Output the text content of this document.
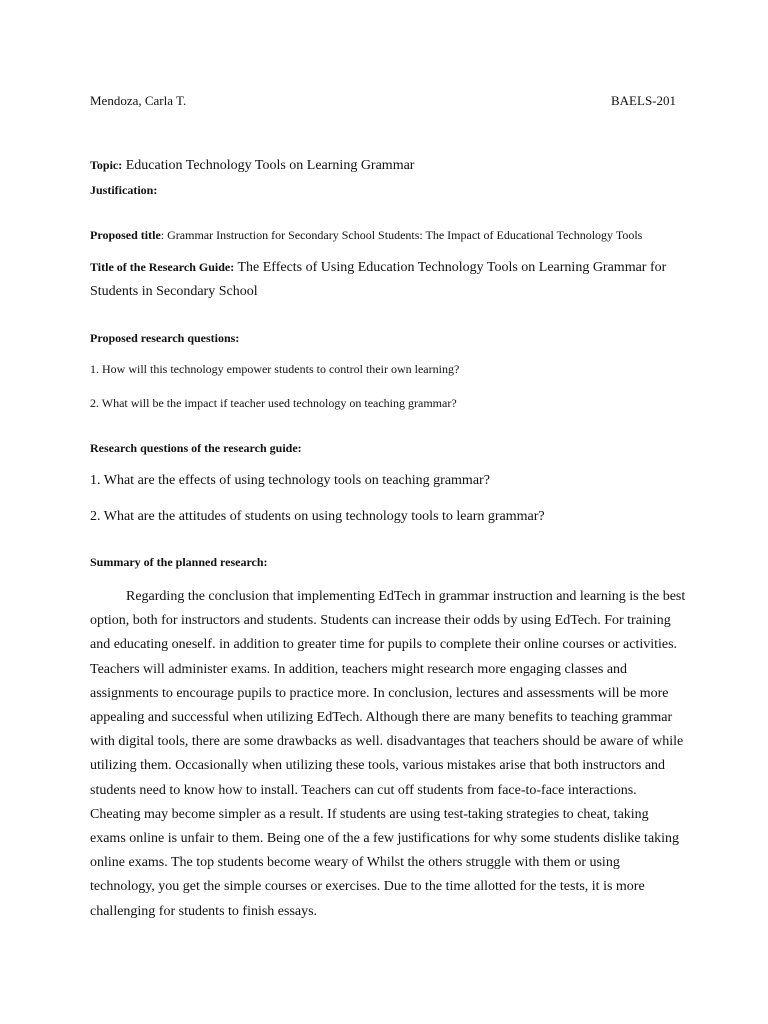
Mendoza, Carla T.	BAELS-201
Topic: Education Technology Tools on Learning Grammar
Justification:
Proposed title: Grammar Instruction for Secondary School Students: The Impact of Educational Technology Tools
Title of the Research Guide: The Effects of Using Education Technology Tools on Learning Grammar for
Students in Secondary School
Proposed research questions:
1. How will this technology empower students to control their own learning?
2. What will be the impact if teacher used technology on teaching grammar?
Research questions of the research guide:
1. What are the effects of using technology tools on teaching grammar?
2. What are the attitudes of students on using technology tools to learn grammar?
Summary of the planned research:
Regarding the conclusion that implementing EdTech in grammar instruction and learning is the best
option, both for instructors and students. Students can increase their odds by using EdTech. For training
and educating oneself. in addition to greater time for pupils to complete their online courses or activities.
Teachers will administer exams. In addition, teachers might research more engaging classes and
assignments to encourage pupils to practice more. In conclusion, lectures and assessments will be more
appealing and successful when utilizing EdTech. Although there are many benefits to teaching grammar
with digital tools, there are some drawbacks as well. disadvantages that teachers should be aware of while
utilizing them. Occasionally when utilizing these tools, various mistakes arise that both instructors and
students need to know how to install. Teachers can cut off students from face-to-face interactions.
Cheating may become simpler as a result. If students are using test-taking strategies to cheat, taking
exams online is unfair to them. Being one of the a few justifications for why some students dislike taking
online exams. The top students become weary of Whilst the others struggle with them or using
technology, you get the simple courses or exercises. Due to the time allotted for the tests, it is more
challenging for students to finish essays.
